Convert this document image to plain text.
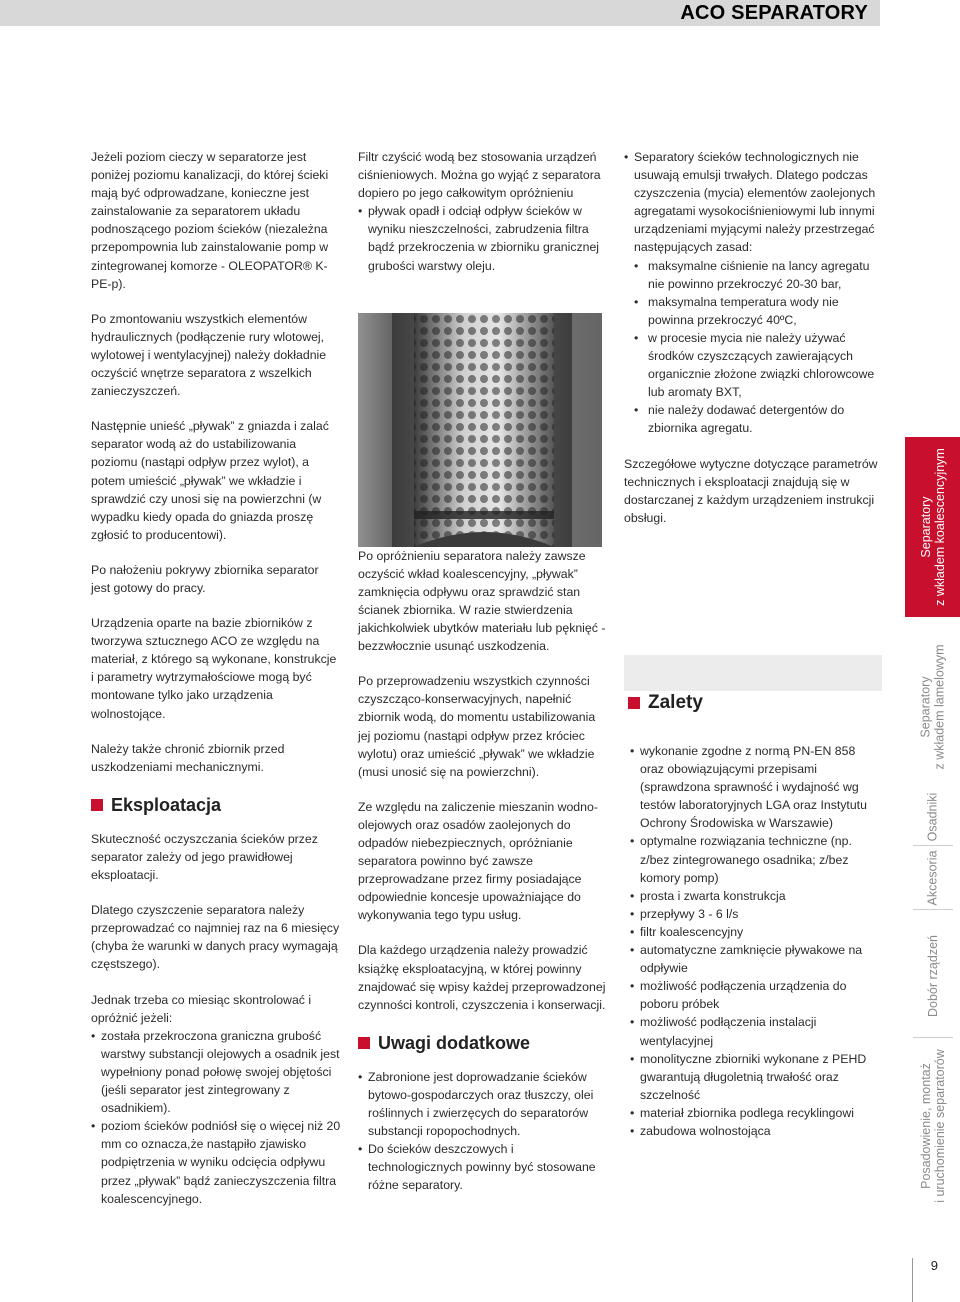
ACO SEPARATORY

Jeżeli poziom cieczy w separatorze jest poniżej poziomu kanalizacji, do której ścieki mają być odprowadzane, konieczne jest zainstalowanie za separatorem układu podnoszącego poziom ścieków (niezależna przepompownia lub zainstalowanie pomp w zintegrowanej komorze - OLEOPATOR® K-PE-p).

Po zmontowaniu wszystkich elementów hydraulicznych (podłączenie rury wlotowej, wylotowej i wentylacyjnej) należy dokładnie oczyścić wnętrze separatora z wszelkich zanieczyszczeń.

Następnie unieść „pływak” z gniazda i zalać separator wodą aż do ustabilizowania poziomu (nastąpi odpływ przez wylot), a potem umieścić „pływak” we wkładzie i sprawdzić czy unosi się na powierzchni (w wypadku kiedy opada do gniazda proszę zgłosić to producentowi).

Po nałożeniu pokrywy zbiornika separator jest gotowy do pracy.

Urządzenia oparte na bazie zbiorników z tworzywa sztucznego ACO ze względu na materiał, z którego są wykonane, konstrukcje i parametry wytrzymałościowe mogą być montowane tylko jako urządzenia wolnostojące.

Należy także chronić zbiornik przed uszkodzeniami mechanicznymi.

Eksploatacja

Skuteczność oczyszczania ścieków przez separator zależy od jego prawidłowej eksploatacji.

Dlatego czyszczenie separatora należy przeprowadzać co najmniej raz na 6 miesięcy (chyba że warunki w danych pracy wymagają częstszego).

Jednak trzeba co miesiąc skontrolować i opróżnić jeżeli:

• została przekroczona graniczna grubość warstwy substancji olejowych a osadnik jest wypełniony ponad połowę swojej objętości (jeśli separator jest zintegrowany z osadnikiem).
• poziom ścieków podniósł się o więcej niż 20 mm co oznacza,że nastąpiło zjawisko podpiętrzenia w wyniku odcięcia odpływu przez „pływak” bądź zanieczyszczenia filtra koalescencyjnego.

Filtr czyścić wodą bez stosowania urządzeń ciśnieniowych. Można go wyjąć z separatora dopiero po jego całkowitym opróżnieniu

• pływak opadł i odciął odpływ ścieków w wyniku nieszczelności, zabrudzenia filtra bądź przekroczenia w zbiorniku granicznej grubości warstwy oleju.

Po opróżnieniu separatora należy zawsze oczyścić wkład koalescencyjny, „pływak” zamknięcia odpływu oraz sprawdzić stan ścianek zbiornika. W razie stwierdzenia jakichkolwiek ubytków materiału lub pęknięć - bezzwłocznie usunąć uszkodzenia.

Po przeprowadzeniu wszystkich czynności czyszcząco-konserwacyjnych, napełnić zbiornik wodą, do momentu ustabilizowania jej poziomu (nastąpi odpływ przez króciec wylotu) oraz umieścić „pływak” we wkładzie (musi unosić się na powierzchni).

Ze względu na zaliczenie mieszanin wodno-olejowych oraz osadów zaolejonych do odpadów niebezpiecznych, opróżnianie separatora powinno być zawsze przeprowadzane przez firmy posiadające odpowiednie koncesje upoważniające do wykonywania tego typu usług.

Dla każdego urządzenia należy prowadzić książkę eksploatacyjną, w której powinny znajdować się wpisy każdej przeprowadzonej czynności kontroli, czyszczenia i konserwacji.

Uwagi dodatkowe
• Zabronione jest doprowadzanie ścieków bytowo-gospodarczych oraz tłuszczy, olei roślinnych i zwierzęcych do separatorów substancji ropopochodnych.
• Do ścieków deszczowych i technologicznych powinny być stosowane różne separatory.
• Separatory ścieków technologicznych nie usuwają emulsji trwałych. Dlatego podczas czyszczenia (mycia) elementów zaolejonych agregatami wysokociśnieniowymi lub innymi urządzeniami myjącymi należy przestrzegać następujących zasad:
• maksymalne ciśnienie na lancy agregatu nie powinno przekroczyć 20-30 bar,
• maksymalna temperatura wody nie powinna przekroczyć 40ºC,
• w procesie mycia nie należy używać środków czyszczących zawierających organicznie złożone związki chlorowcowe lub aromaty BXT,
• nie należy dodawać detergentów do zbiornika agregatu.

Szczegółowe wytyczne dotyczące parametrów technicznych i eksploatacji znajdują się w dostarczanej z każdym urządzeniem instrukcji obsługi.

Zalety
• wykonanie zgodne z normą PN-EN 858 oraz obowiązującymi przepisami (sprawdzona sprawność i wydajność wg testów laboratoryjnych LGA oraz Instytutu Ochrony Środowiska w Warszawie)
• optymalne rozwiązania techniczne (np. z/bez zintegrowanego osadnika; z/bez komory pomp)
• prosta i zwarta konstrukcja
• przepływy 3 - 6 l/s
• filtr koalescencyjny
• automatyczne zamknięcie pływakowe na odpływie
• możliwość podłączenia urządzenia do poboru próbek
• możliwość podłączenia instalacji wentylacyjnej
• monolityczne zbiorniki wykonane z PEHD gwarantują długoletnią trwałość oraz szczelność
• materiał zbiornika podlega recyklingowi
• zabudowa wolnostojąca
Separatory z wkładem koalescencyjnym
Separatory z wkładem lamelowym
Osadniki
Akcesoria
Dobór rządzeń
Posadowienie, montaż i uruchomienie separatorów
9
